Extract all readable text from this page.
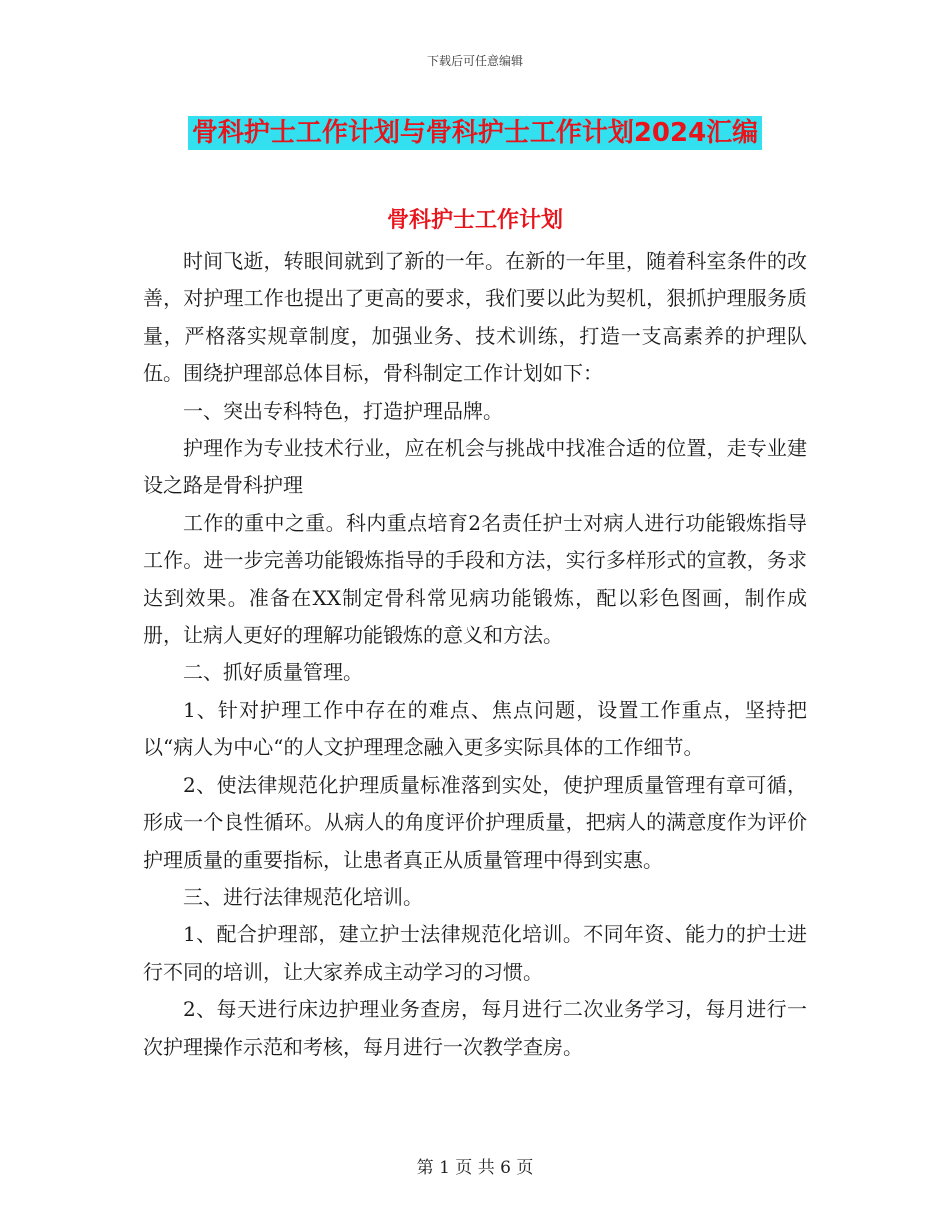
下载后可任意编辑
骨科护士工作计划与骨科护士工作计划2024汇编
骨科护士工作计划

时间飞逝，转眼间就到了新的一年。在新的一年里，随着科室条件的改善，对护理工作也提出了更高的要求，我们要以此为契机，狠抓护理服务质量，严格落实规章制度，加强业务、技术训练，打造一支高素养的护理队伍。围绕护理部总体目标，骨科制定工作计划如下：

一、突出专科特色，打造护理品牌。

护理作为专业技术行业，应在机会与挑战中找准合适的位置，走专业建设之路是骨科护理

工作的重中之重。科内重点培育2名责任护士对病人进行功能锻炼指导工作。进一步完善功能锻炼指导的手段和方法，实行多样形式的宣教，务求达到效果。准备在XX制定骨科常见病功能锻炼，配以彩色图画，制作成册，让病人更好的理解功能锻炼的意义和方法。

二、抓好质量管理。

1、针对护理工作中存在的难点、焦点问题，设置工作重点，坚持把以“病人为中心“的人文护理理念融入更多实际具体的工作细节。

2、使法律规范化护理质量标准落到实处，使护理质量管理有章可循，形成一个良性循环。从病人的角度评价护理质量，把病人的满意度作为评价护理质量的重要指标，让患者真正从质量管理中得到实惠。

三、进行法律规范化培训。

1、配合护理部，建立护士法律规范化培训。不同年资、能力的护士进行不同的培训，让大家养成主动学习的习惯。

2、每天进行床边护理业务查房，每月进行二次业务学习，每月进行一次护理操作示范和考核，每月进行一次教学查房。

第 1 页 共 6 页
